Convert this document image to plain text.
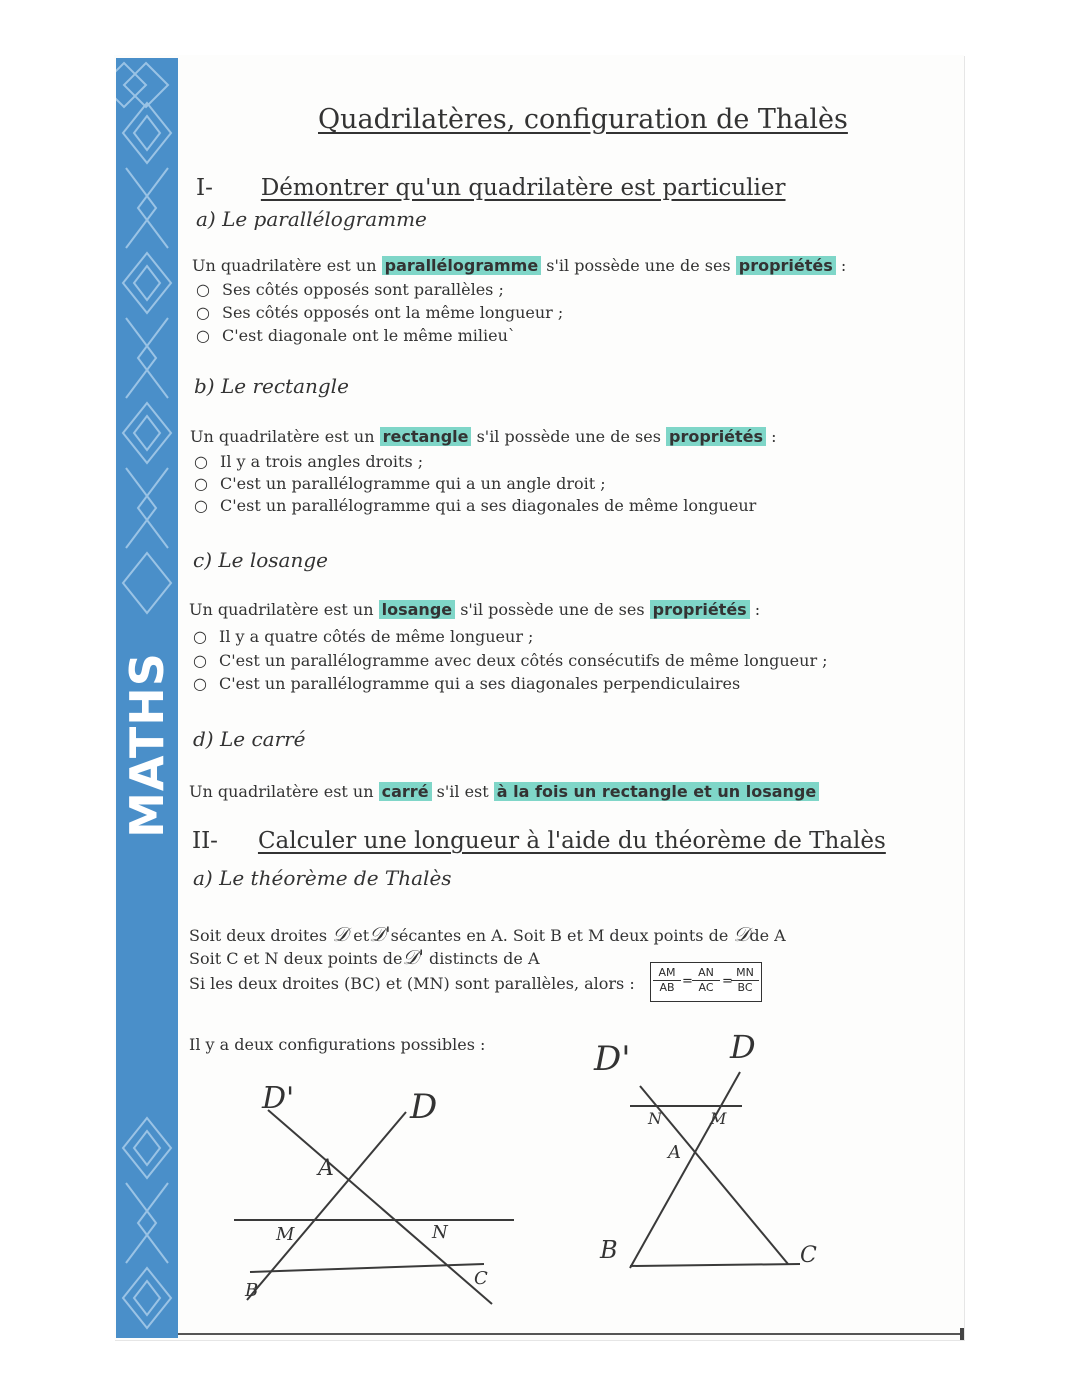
MATHS
Quadrilatères, configuration de Thalès
I- Démontrer qu'un quadrilatère est particulier
a) Le parallélogramme
Un quadrilatère est un parallélogramme s'il possède une de ses propriétés :
○ Ses côtés opposés sont parallèles ;
○ Ses côtés opposés ont la même longueur ;
○ C'est diagonale ont le même milieu`
b) Le rectangle
Un quadrilatère est un rectangle s'il possède une de ses propriétés :
○ Il y a trois angles droits ;
○ C'est un parallélogramme qui a un angle droit ;
○ C'est un parallélogramme qui a ses diagonales de même longueur
c) Le losange
Un quadrilatère est un losange s'il possède une de ses propriétés :
○ Il y a quatre côtés de même longueur ;
○ C'est un parallélogramme avec deux côtés consécutifs de même longueur ;
○ C'est un parallélogramme qui a ses diagonales perpendiculaires
d) Le carré
Un quadrilatère est un carré s'il est à la fois un rectangle et un losange
II- Calculer une longueur à l'aide du théorème de Thalès
a) Le théorème de Thalès
Soit deux droites 𝒟 et𝒟'sécantes en A. Soit B et M deux points de 𝒟de A
Soit C et N deux points de𝒟' distincts de A
Si les deux droites (BC) et (MN) sont parallèles, alors : $\frac{AM}{AB} = \frac{AN}{AC}$ =
$\frac{MN}{BC}$
Il y a deux configurations possibles :
D'	D
A
M	N
B
C
D'	D
A
N	M
B	C
